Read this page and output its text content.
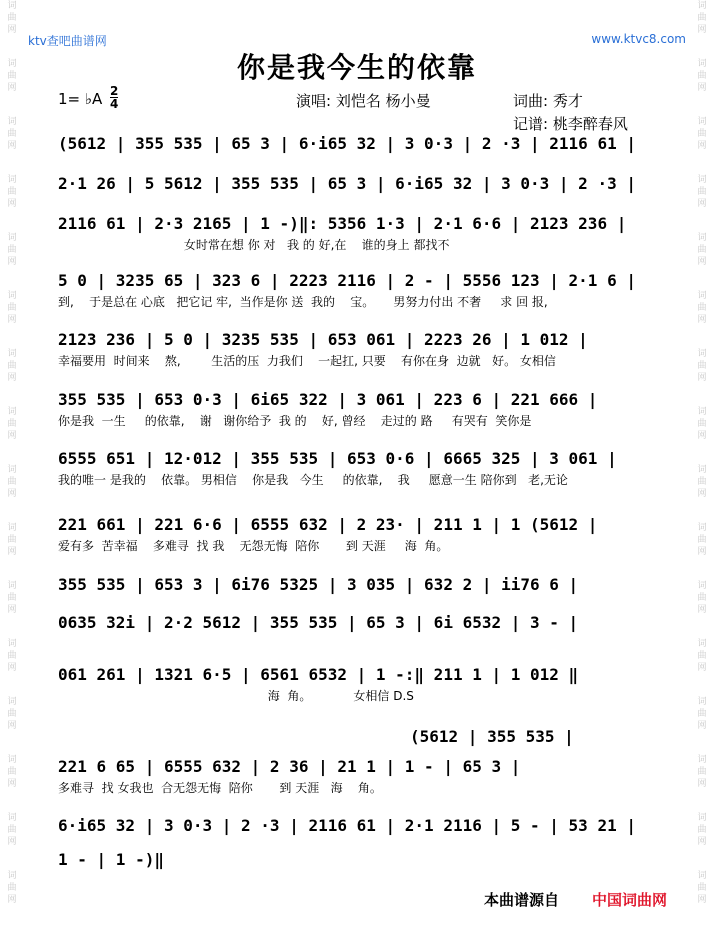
词
曲
网
词
曲
网
词
曲
网
词
曲
网
词
曲
网
词
曲
网
词
曲
网
词
曲
网
词
曲
网
词
曲
网
词
曲
网
词
曲
网
词
曲
网
词
曲
网
词
曲
网
词
曲
网
词
曲
网
词
曲
网
词
曲
网
词
曲
网
词
曲
网
词
曲
网
词
曲
网
词
曲
网
词
曲
网
词
曲
网
词
曲
网
词
曲
网
词
曲
网
词
曲
网
词
曲
网
词
曲
网
ktv查吧曲谱网	www.ktvc8.com
你是我今生的依靠
1= ♭A $\frac{2}{4}$	演唱: 刘恺名 杨小曼	词曲: 秀才
记谱: 桃李醉春风
(5612 | 355 535 | 65 3 | 6·i65 32 | 3 0·3 | 2 ·3 | 2116 61 |
2·1 26 | 5 5612 | 355 535 | 65 3 | 6·i65 32 | 3 0·3 | 2 ·3 |
2116 61 | 2·3 2165 | 1 -)‖: 5356 1·3 | 2·1 6·6 | 2123 236 |
女时常在想 你 对   我 的 好,在    谁的身上 都找不
5 0 | 3235 65 | 323 6 | 2223 2116 | 2 - | 5556 123 | 2·1 6 |
到,    于是总在 心底   把它记 牢,  当作是你 送  我的    宝。     男努力付出 不奢     求 回 报,
2123 236 | 5 0 | 3235 535 | 653 061 | 2223 26 | 1 012 |
幸福要用  时间来    熬,        生活的压  力我们    一起扛, 只要    有你在身  边就   好。 女相信
355 535 | 653 0·3 | 6i65 322 | 3 061 | 223 6 | 221 666 |
你是我  一生     的依靠,    谢   谢你给予  我 的    好, 曾经    走过的 路     有哭有  笑你是
6555 651 | 12·012 | 355 535 | 653 0·6 | 6665 325 | 3 061 |
我的唯一 是我的    依靠。 男相信    你是我   今生     的依靠,    我     愿意一生 陪你到   老,无论
221 661 | 221 6·6 | 6555 632 | 2 23· | 211 1 | 1 (5612 |
爱有多  苦幸福    多难寻  找 我    无怨无悔  陪你       到 天涯     海  角。
355 535 | 653 3 | 6i76 5325 | 3 035 | 632 2 | ii76 6 |
0635 32i | 2·2 5612 | 355 535 | 65 3 | 6i 6532 | 3 - |
061 261 | 1321 6·5 | 6561 6532 | 1 -:‖ 211 1 | 1 012 ‖
海  角。           女相信 D.S
(5612 | 355 535 |
221 6 65 | 6555 632 | 2 36 | 21 1 | 1 - | 65 3 |
多难寻  找 女我也  合无怨无悔  陪你       到 天涯   海    角。
6·i65 32 | 3 0·3 | 2 ·3 | 2116 61 | 2·1 2116 | 5 - | 53 21 |
1 - | 1 -)‖
本曲谱源自 中国词曲网
